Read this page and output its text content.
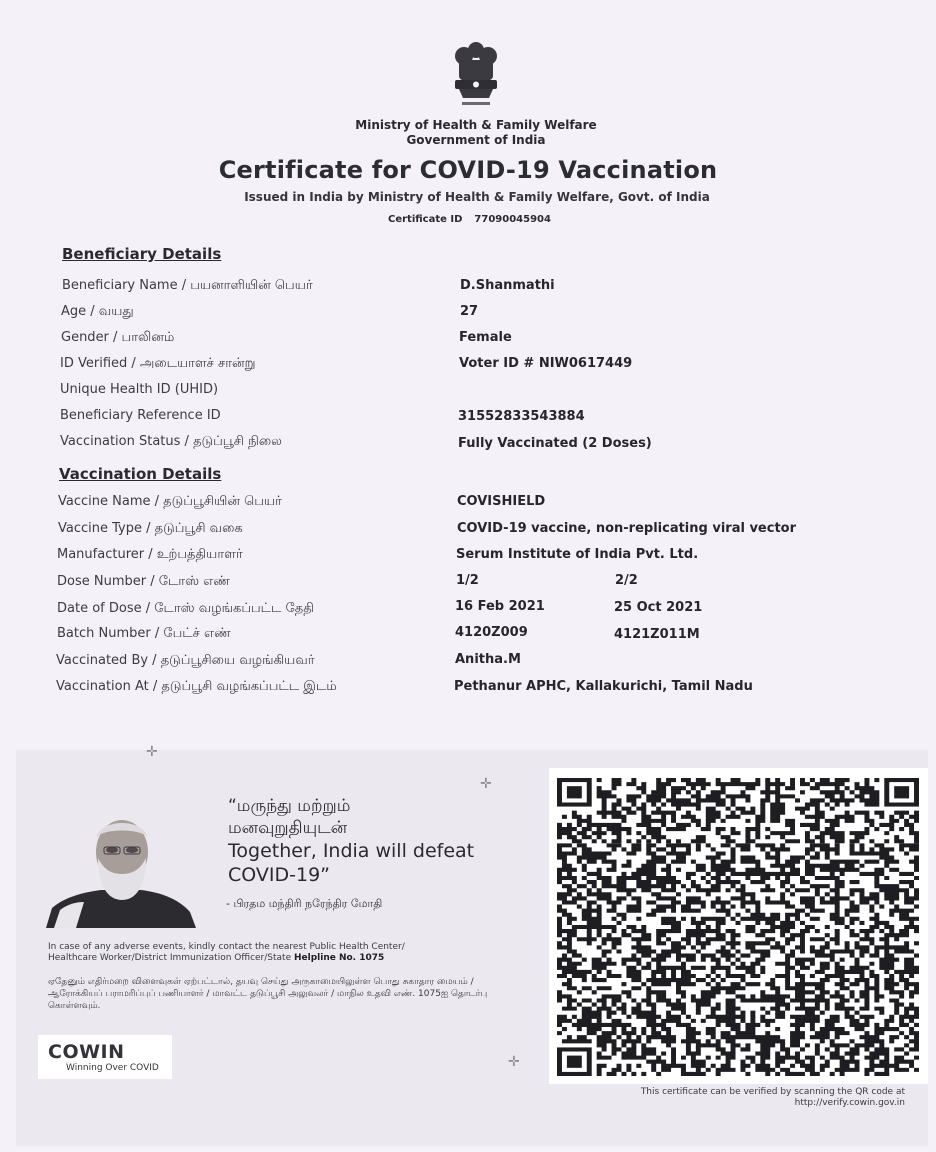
Ministry of Health & Family Welfare
Government of India
Certificate for COVID-19 Vaccination
Issued in India by Ministry of Health & Family Welfare, Govt. of India
Certificate ID 77090045904
Beneficiary Details
Beneficiary Name / பயனாளியின் பெயர்	D.Shanmathi
Age / வயது	27
Gender / பாலினம்	Female
ID Verified / அடையாளச் சான்று	Voter ID # NIW0617449
Unique Health ID (UHID)
Beneficiary Reference ID	31552833543884
Vaccination Status / தடுப்பூசி நிலை	Fully Vaccinated (2 Doses)
Vaccination Details
Vaccine Name / தடுப்பூசியின் பெயர்	COVISHIELD
Vaccine Type / தடுப்பூசி வகை	COVID-19 vaccine, non-replicating viral vector
Manufacturer / உற்பத்தியாளர்	Serum Institute of India Pvt. Ltd.
Dose Number / டோஸ் எண்	1/2	2/2
Date of Dose / டோஸ் வழங்கப்பட்ட தேதி	16 Feb 2021	25 Oct 2021
Batch Number / பேட்ச் எண்	4120Z009	4121Z011M
Vaccinated By / தடுப்பூசியை வழங்கியவர்	Anitha.M
Vaccination At / தடுப்பூசி வழங்கப்பட்ட இடம்	Pethanur APHC, Kallakurichi, Tamil Nadu
✛
✛
✛
“மருந்து மற்றும்
மனவுறுதியுடன்
Together, India will defeat
COVID-19”
- பிரதம மந்திரி நரேந்திர மோதி
In case of any adverse events, kindly contact the nearest Public Health Center/
Healthcare Worker/District Immunization Officer/State Helpline No. 1075
ஏதேனும் எதிர்மறை விளைவுகள் ஏற்பட்டால், தயவு செய்து அருகாமையிலுள்ள பொது சுகாதார மையம் / ஆரோக்கியப் பராமரிப்புப் பணியாளர் / மாவட்ட தடுப்பூசி அலுவலர் / மாநில உதவி எண். 1075ஐ தொடர்பு கொள்ளவும்.
COWIN
Winning Over COVID
This certificate can be verified by scanning the QR code at
http://verify.cowin.gov.in
